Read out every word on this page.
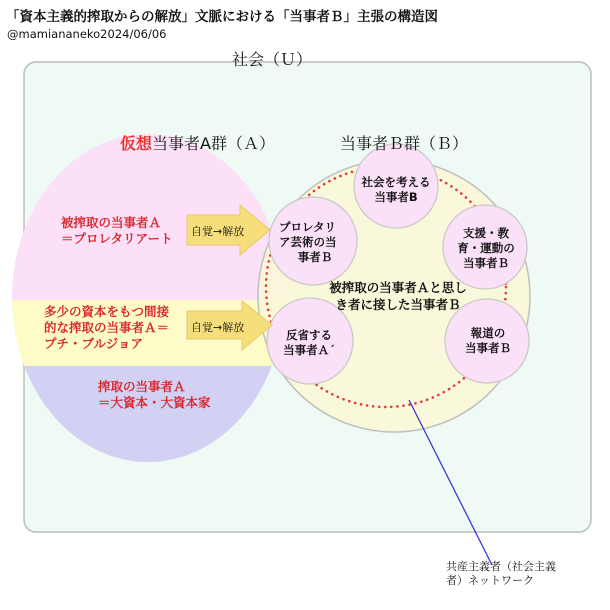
「資本主義的搾取からの解放」文脈における「当事者Ｂ」主張の構造図
@mamiananeko2024/06/06
社会（Ｕ）
仮想当事者A群（Ａ）	当事者Ｂ群（Ｂ）
被搾取の当事者Ａ
＝プロレタリアート
多少の資本をもつ間接
的な搾取の当事者Ａ＝
プチ・ブルジョア
搾取の当事者Ａ
＝大資本・大資本家
自覚→解放
自覚→解放
被搾取の当事者Ａと思し
き者に接した当事者Ｂ
社会を考える
当事者B
支援・教
育・運動の
当事者Ｂ
プロレタリ
ア芸術の当
事者Ｂ
反省する
当事者Ａ´
報道の
当事者Ｂ
共産主義者（社会主義者）ネットワーク
